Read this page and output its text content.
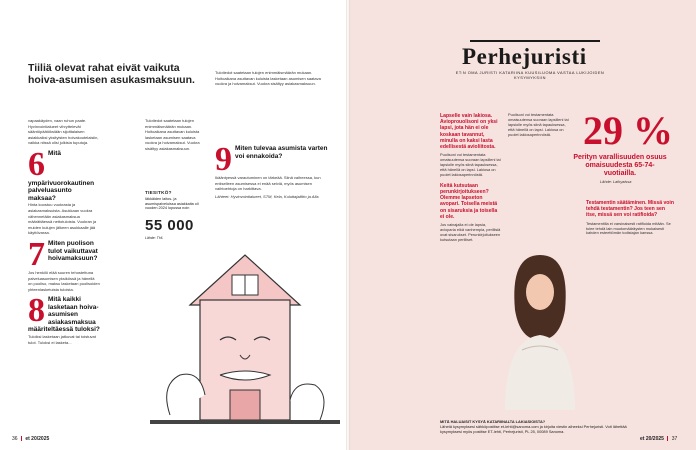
Tiiliä olevat rahat eivät vaikuta hoiva-asumisen asukasmaksuun.
vapaakäyden, vaan ruhun paate. Hyvinvointialueet vihryttelevät sääntöpäätöksiään sijoittalaisen asiakkaiksi yksityisten hoivakoutelaisiin, vaikka niissä olisi julkisia tuputuja.
6 Mitä ympärivuorokautinen palveluasunto maksaa?
Hinta koostuu vuokrasta ja asiakasmaksuista. Asukkaan vuokra vähennetään asiakasmaksua määrättäessä nettotuloista. Vuokran ja muiden kulujen jälkeen asukkaalle jää käyttövaraa.
7 Miten puolison tulot vaikuttavat hoivamaksuun?
Jos henkilö elää suuren tehostettuna palveluasumisen yksikössä ja hänellä on puoliso, maksu lasketaan puolisoiden yhteenlasketuista tuloista.
8 Mitä kaikki lasketaan hoiva-asumisen asiakasmaksua määriteltäessä tuloksi?
Tuloiksi lasketaan jatkuvat tai toistuvat tulot. Tuloksi ei lasketa...
Tulotiedot saatetaan tulojen enimmäismäärän mukaan. Hoitoaikana asuttavan kuluista lasketaan asumisen saatava vuokra ja hoivamaksut. Vuokra sisältyy asiakasmaksuun.
TIESITKÖ?
Iäkkäiden laitos- ja asumispalveluissa asiakkaita oli vuoden 2024 lopussa noin
55 000
Lähde: THL
Tulotiedot saatetaan tulojen enimmäismäärän mukaan. Hoitoaikana asuttavan kuluista lasketaan asumisen saatava vuokra ja hoivamaksut. Vuokra sisältyy asiakasmaksuun.
9 Miten tulevaa asumista varten voi ennakoida?
Ikääntyessä varautuminen on tärkeää. Siinä vaiheessa, kun entiselleen asumisessa ei enää selviä, myös asumisen vaihtoehtoja on harkittava.
Lähteet: Hyvinvointialueet, STM, Kela, Kuluttajaliitto ja Alla.
36 et 20/2025
Perhejuristi
ET:N OMA JURISTI KATARIINA KUUSILUOMA VASTAA LUKIJOIDEN KYSYMYKSIIN
Lapselle vain lakiosa. Avioprouolisoni on yksi lapsi, jota hän ei ole koskaan tavannut, minulla on kaksi lasta edellisestä avioliitosta.
Puolisoni voi testamentata omaisuutensa suoraan lapsilleni tai lapsiolle myös siinä tapauksessa, että hänellä on lapsi. Lakiosa on puolet lakiosaperinnöstä.
Keitä kutsutaan perunkirjoitukseen? Olemme lapseton avopari. Toisella meistä on sisaruksia ja toisella ei ole.
Jos vainajalla ei ole lapsia, avioparia eikä vanhempia, perillisiä ovat sisarukset. Perunkirjoitukseen kutsutaan perilliset.
Puolisoni voi testamentata omaisuutensa suoraan lapsilleni tai lapsiolle myös siinä tapauksessa, että hänellä on lapsi. Lakiosa on puolet lakiosaperinnöstä. 29 %
Perityn varallisuuden osuus omaisuudesta 65-74-vuotiailla.
Lähde: Laihyaissa
Testamentin säätäminen. Missä voin tehdä testamentin? Jos teen sen itse, missä sen voi ratifioida?
Testamentilla ei varsinaisesti ratifioida mitään. Se tulee tehdä lain muotomääräysten mukaisesti kahden esteettömän todistajan kanssa.
MITÄ HALUAISIT KYSYÄ KATARIINALTA LAKIASIOISTA?
Lähetä kysymyksesi sähköpostitse et-lehti@sanoma.com ja kirjoita viestin aiheeksi Perhejuristi. Voit lähettää kysymyksesi myös postitse ET-lehti, Perhejuristi, PL 25, 00089 Sanoma.
et 20/2025 37
